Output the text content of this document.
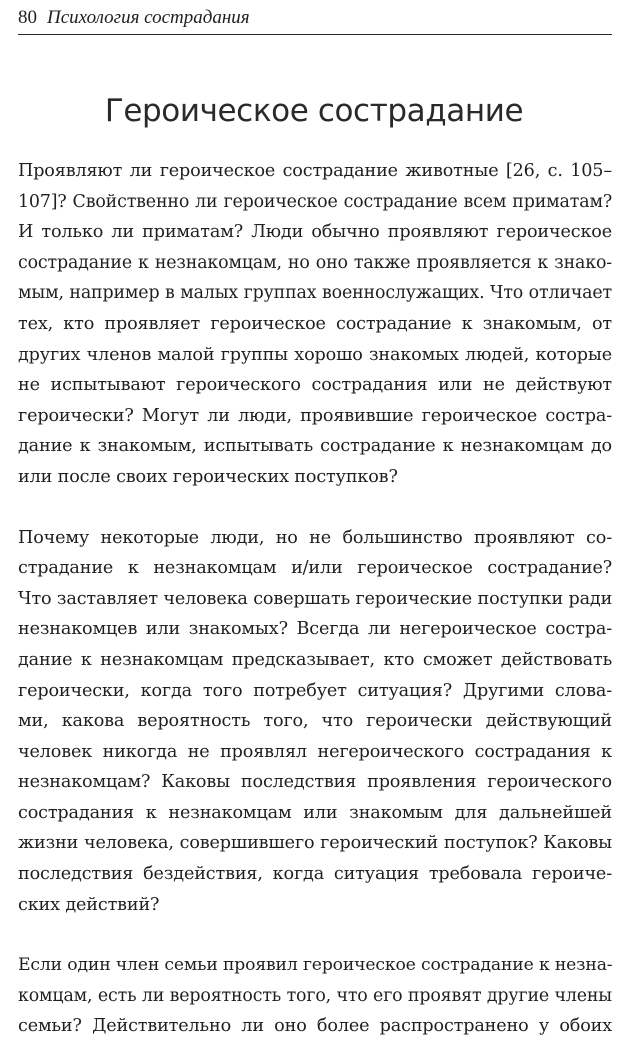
80 Психология сострадания
Героическое сострадание

Проявляют ли героическое сострадание животные [26, с. 105–
107]? Свойственно ли героическое сострадание всем приматам?
И только ли приматам? Люди обычно проявляют героическое
сострадание к незнакомцам, но оно также проявляется к знако-
мым, например в малых группах военнослужащих. Что отличает
тех, кто проявляет героическое сострадание к знакомым, от
других членов малой группы хорошо знакомых людей, которые
не испытывают героического сострадания или не действуют
героически? Могут ли люди, проявившие героическое состра-
дание к знакомым, испытывать сострадание к незнакомцам до
или после своих героических поступков?

Почему некоторые люди, но не большинство проявляют со-
страдание к незнакомцам и/или героическое сострадание?
Что заставляет человека совершать героические поступки ради
незнакомцев или знакомых? Всегда ли негероическое состра-
дание к незнакомцам предсказывает, кто сможет действовать
героически, когда того потребует ситуация? Другими слова-
ми, какова вероятность того, что героически действующий
человек никогда не проявлял негероического сострадания к
незнакомцам? Каковы последствия проявления героического
сострадания к незнакомцам или знакомым для дальнейшей
жизни человека, совершившего героический поступок? Каковы
последствия бездействия, когда ситуация требовала героиче-
ских действий?

Если один член семьи проявил героическое сострадание к незна-
комцам, есть ли вероятность того, что его проявят другие члены
семьи? Действительно ли оно более распространено у обоих
